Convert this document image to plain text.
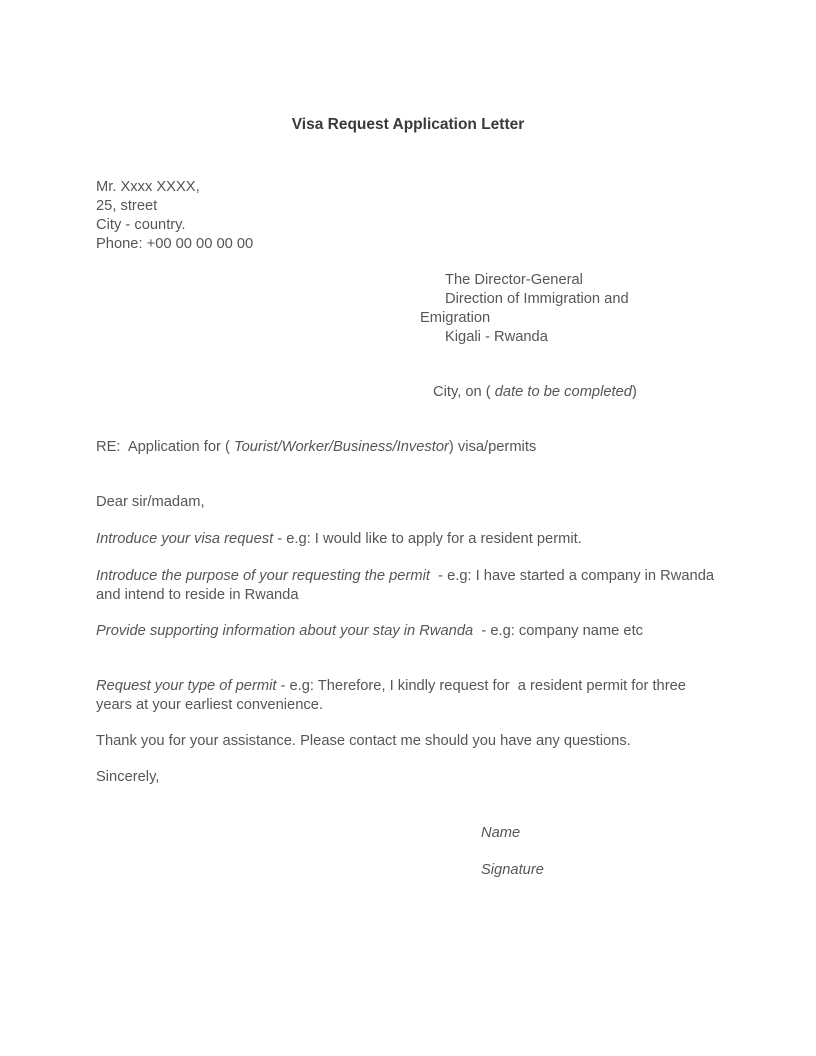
Visa Request Application Letter

Mr. Xxxx XXXX,

25, street

City - country.

Phone: +00 00 00 00 00

The Director-General

Direction of Immigration and

Emigration

Kigali - Rwanda

City, on ( date to be completed)

RE:  Application for ( Tourist/Worker/Business/Investor) visa/permits

Dear sir/madam,

Introduce your visa request - e.g: I would like to apply for a resident permit.

Introduce the purpose of your requesting the permit  - e.g: I have started a company in Rwanda and intend to reside in Rwanda

Provide supporting information about your stay in Rwanda  - e.g: company name etc

Request your type of permit - e.g: Therefore, I kindly request for  a resident permit for three years at your earliest convenience.

Thank you for your assistance. Please contact me should you have any questions.

Sincerely,

Name

Signature
